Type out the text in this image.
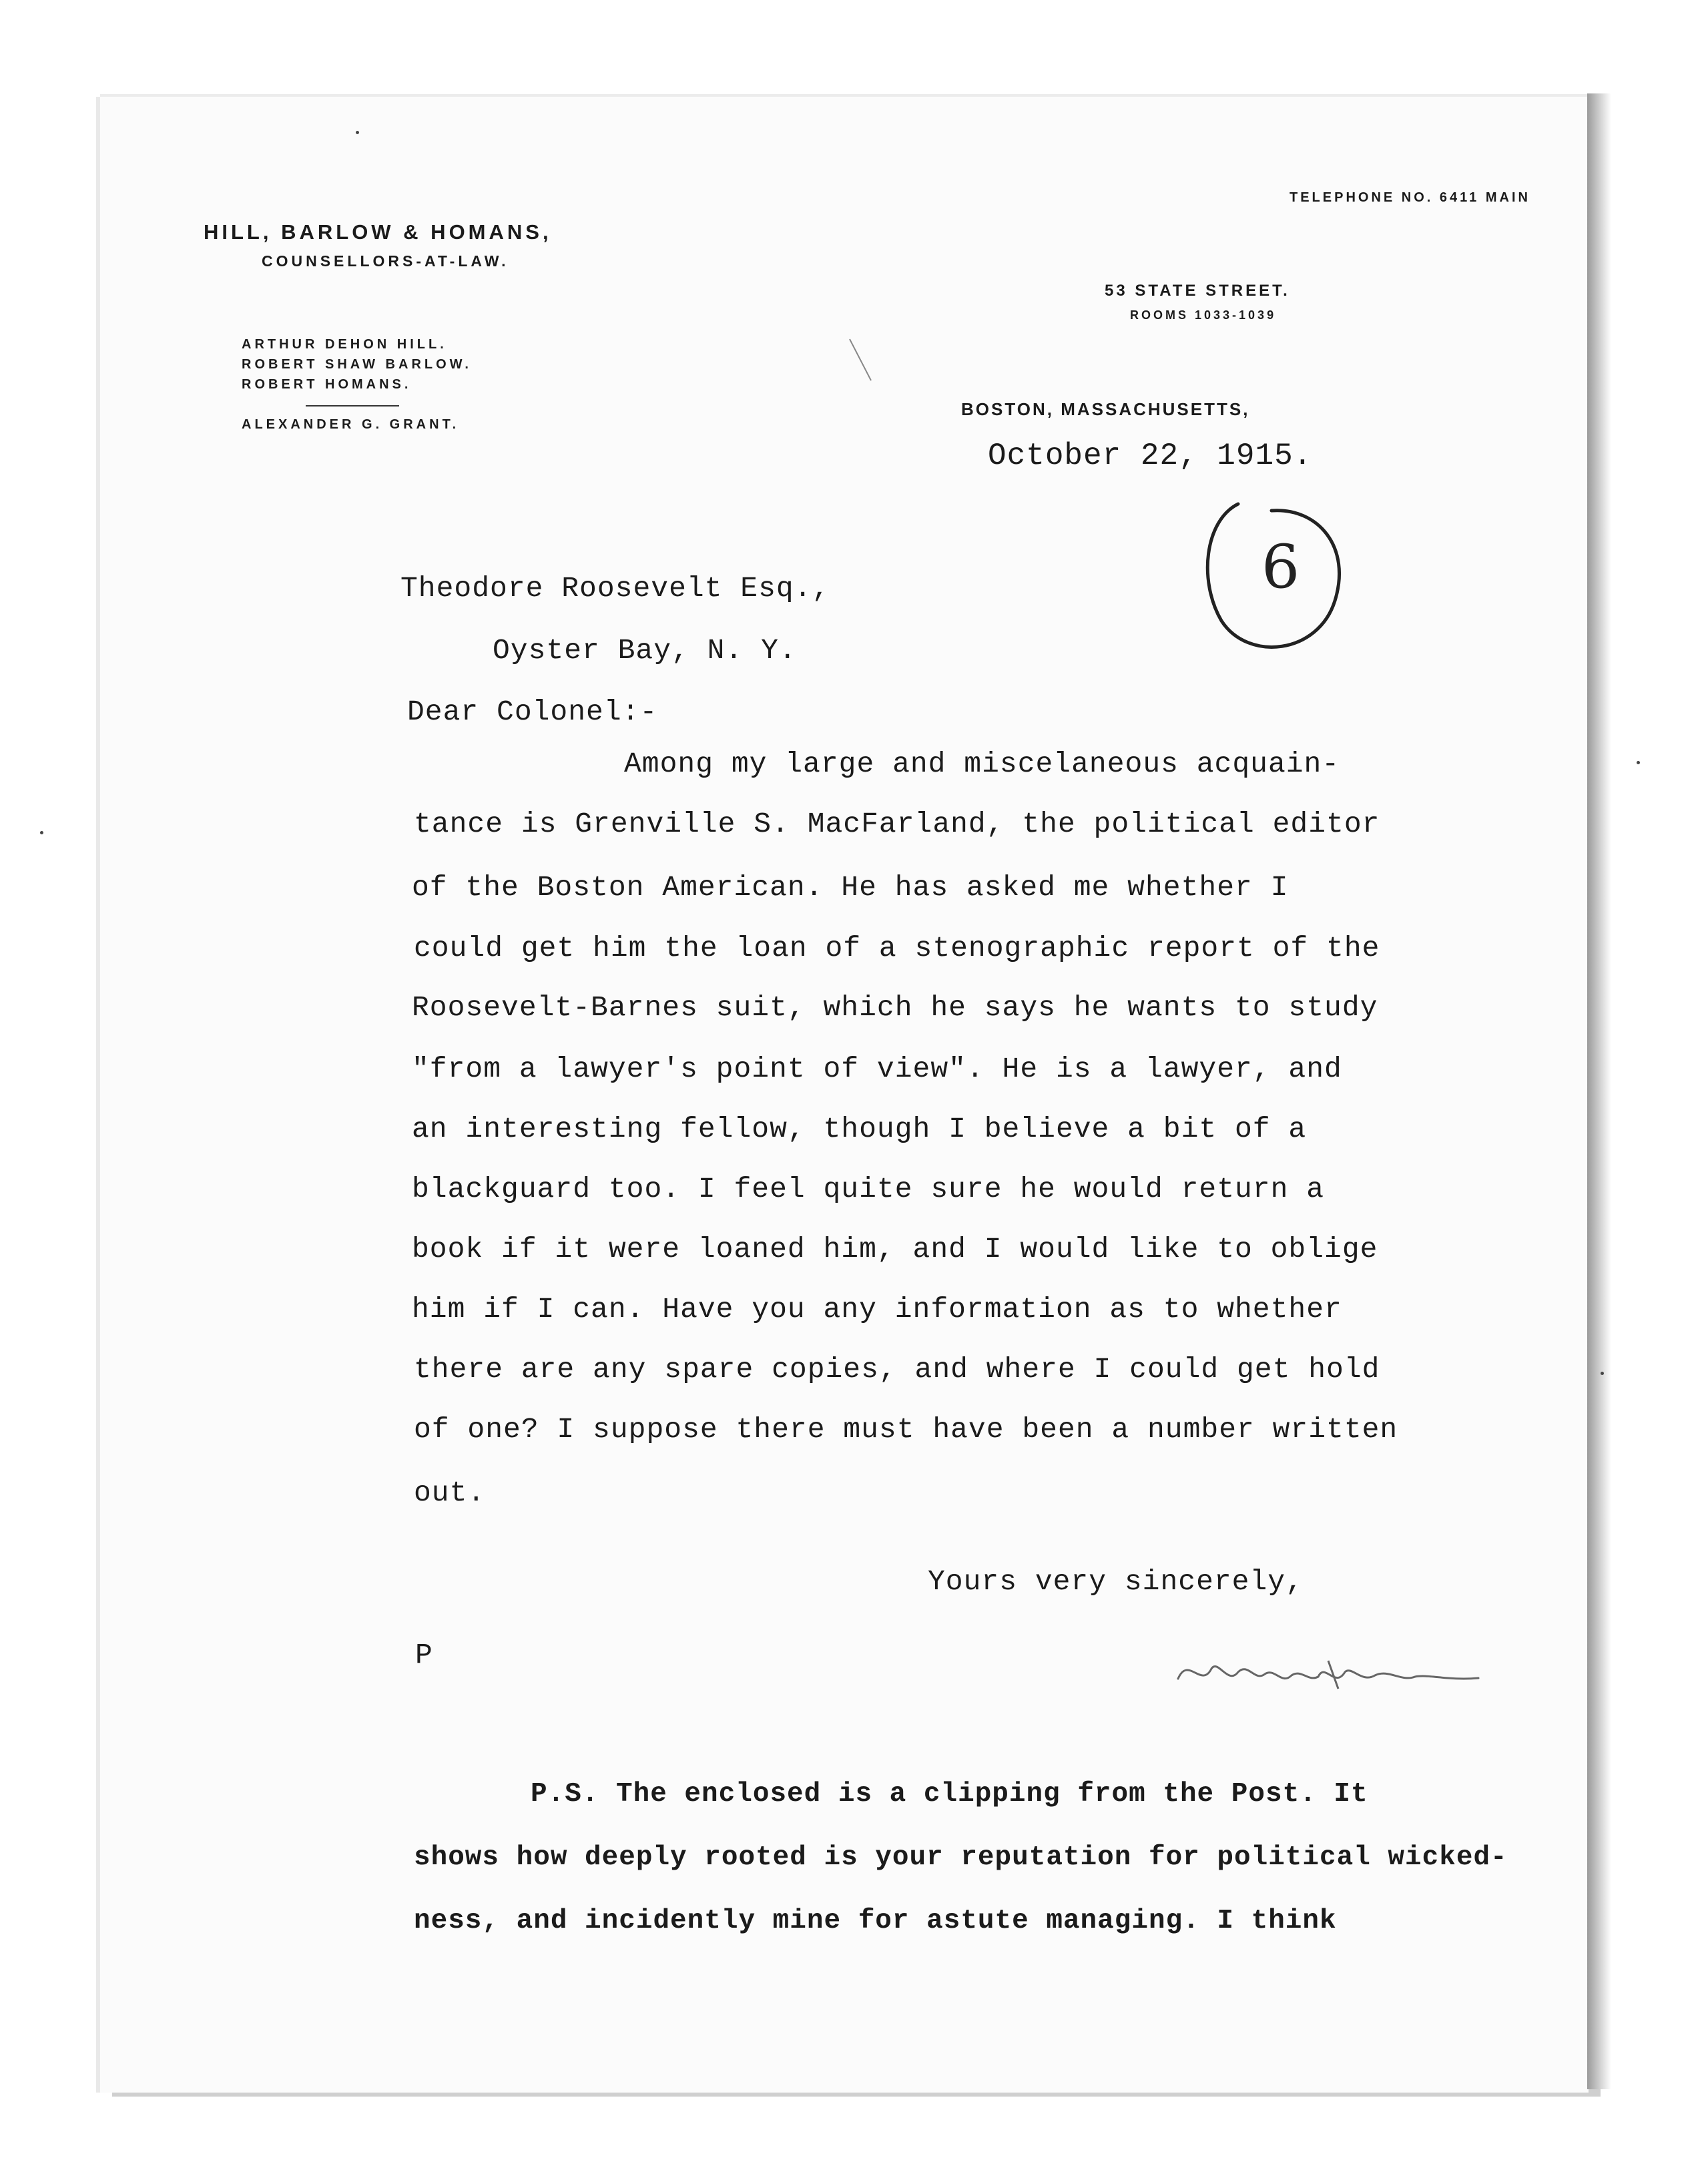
HILL, BARLOW & HOMANS,
COUNSELLORS-AT-LAW.
ARTHUR DEHON HILL.
ROBERT SHAW BARLOW.
ROBERT HOMANS.
ALEXANDER G. GRANT.
TELEPHONE NO. 6411 MAIN
53 STATE STREET.
ROOMS 1033-1039
BOSTON, MASSACHUSETTS,
October 22, 1915.
6
Theodore Roosevelt Esq.,
Oyster Bay, N. Y.
Dear Colonel:-
Among my large and miscelaneous acquain-
tance is Grenville S. MacFarland, the political editor
of the Boston American. He has asked me whether I
could get him the loan of a stenographic report of the
Roosevelt-Barnes suit, which he says he wants to study
"from a lawyer's point of view". He is a lawyer, and
an interesting fellow, though I believe a bit of a
blackguard too. I feel quite sure he would return a
book if it were loaned him, and I would like to oblige
him if I can. Have you any information as to whether
there are any spare copies, and where I could get hold
of one? I suppose there must have been a number written
out.
Yours very sincerely,
P
P.S. The enclosed is a clipping from the Post. It
shows how deeply rooted is your reputation for political wicked-
ness, and incidently mine for astute managing. I think
